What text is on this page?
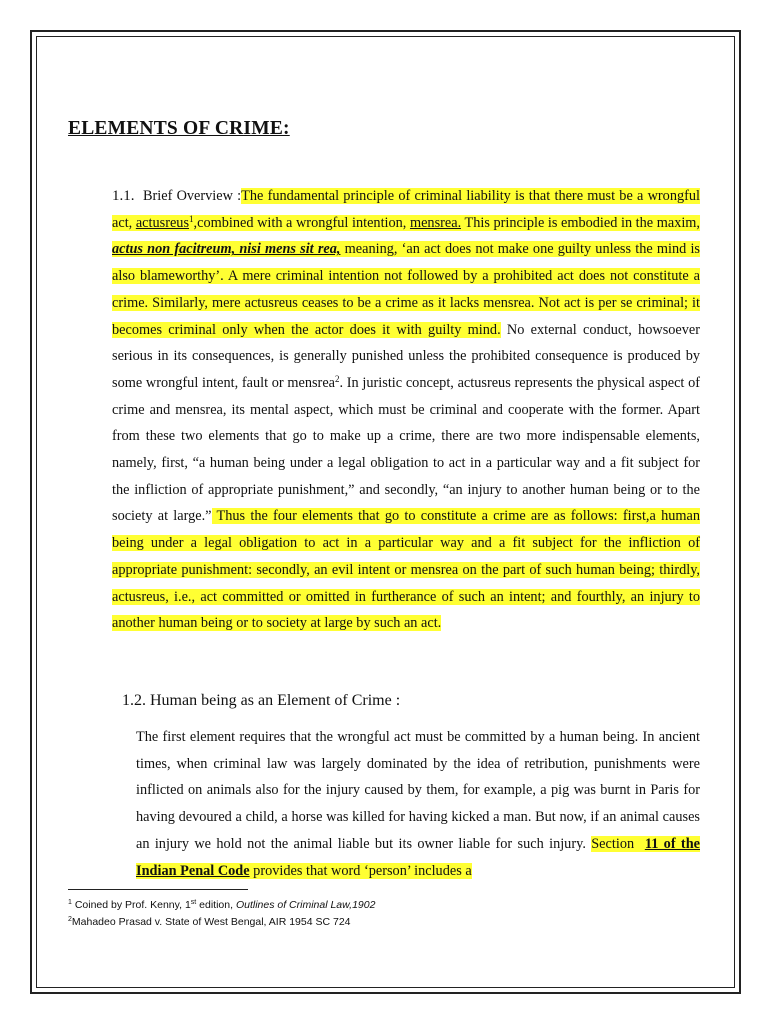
ELEMENTS OF CRIME:

1.1. Brief Overview :The fundamental principle of criminal liability is that there must be a wrongful act, actusreus$^1$,combined with a wrongful intention, mensrea. This principle is embodied in the maxim, actus non facitreum, nisi mens sit rea, meaning, ‘an act does not make one guilty unless the mind is also blameworthy’. A mere criminal intention not followed by a prohibited act does not constitute a crime. Similarly, mere actusreus ceases to be a crime as it lacks mensrea. Not act is per se criminal; it becomes criminal only when the actor does it with guilty mind. No external conduct, howsoever serious in its consequences, is generally punished unless the prohibited consequence is produced by some wrongful intent, fault or mensrea$^2$. In juristic concept, actusreus represents the physical aspect of crime and mensrea, its mental aspect, which must be criminal and cooperate with the former. Apart from these two elements that go to make up a crime, there are two more indispensable elements, namely, first, “a human being under a legal obligation to act in a particular way and a fit subject for the infliction of appropriate punishment,” and secondly, “an injury to another human being or to the society at large.” Thus the four elements that go to constitute a crime are as follows: first,a human being under a legal obligation to act in a particular way and a fit subject for the infliction of appropriate punishment: secondly, an evil intent or mensrea on the part of such human being; thirdly, actusreus, i.e., act committed or omitted in furtherance of such an intent; and fourthly, an injury to another human being or to society at large by such an act.

1.2. Human being as an Element of Crime :

The first element requires that the wrongful act must be committed by a human being. In ancient times, when criminal law was largely dominated by the idea of retribution, punishments were inflicted on animals also for the injury caused by them, for example, a pig was burnt in Paris for having devoured a child, a horse was killed for having kicked a man. But now, if an animal causes an injury we hold not the animal liable but its owner liable for such injury. Section 11 of the Indian Penal Code provides that word ‘person’ includes a

$^1$ Coined by Prof. Kenny, 1st edition, Outlines of Criminal Law,1902

$^2$Mahadeo Prasad v. State of West Bengal, AIR 1954 SC 724
